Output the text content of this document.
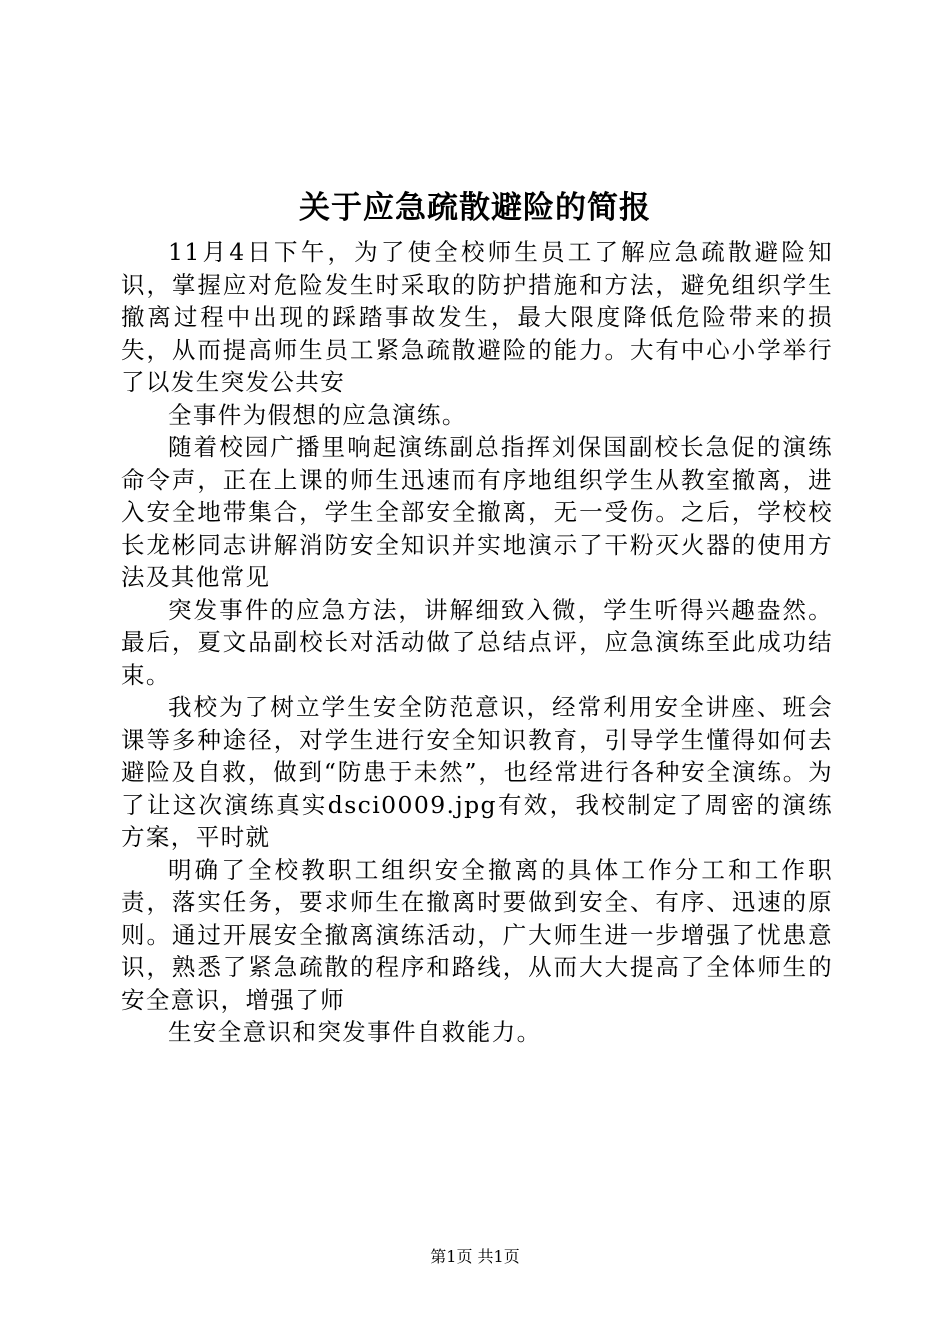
关于应急疏散避险的简报

11月4日下午，为了使全校师生员工了解应急疏散避险知识，掌握应对危险发生时采取的防护措施和方法，避免组织学生撤离过程中出现的踩踏事故发生，最大限度降低危险带来的损失，从而提高师生员工紧急疏散避险的能力。大有中心小学举行了以发生突发公共安

全事件为假想的应急演练。

随着校园广播里响起演练副总指挥刘保国副校长急促的演练命令声，正在上课的师生迅速而有序地组织学生从教室撤离，进入安全地带集合，学生全部安全撤离，无一受伤。之后，学校校长龙彬同志讲解消防安全知识并实地演示了干粉灭火器的使用方法及其他常见

突发事件的应急方法，讲解细致入微，学生听得兴趣盎然。最后，夏文品副校长对活动做了总结点评，应急演练至此成功结束。

我校为了树立学生安全防范意识，经常利用安全讲座、班会课等多种途径，对学生进行安全知识教育，引导学生懂得如何去避险及自救，做到“防患于未然”，也经常进行各种安全演练。为了让这次演练真实dsci0009.jpg有效，我校制定了周密的演练方案，平时就

明确了全校教职工组织安全撤离的具体工作分工和工作职责，落实任务，要求师生在撤离时要做到安全、有序、迅速的原则。通过开展安全撤离演练活动，广大师生进一步增强了忧患意识，熟悉了紧急疏散的程序和路线，从而大大提高了全体师生的安全意识，增强了师

生安全意识和突发事件自救能力。

第1页 共1页
